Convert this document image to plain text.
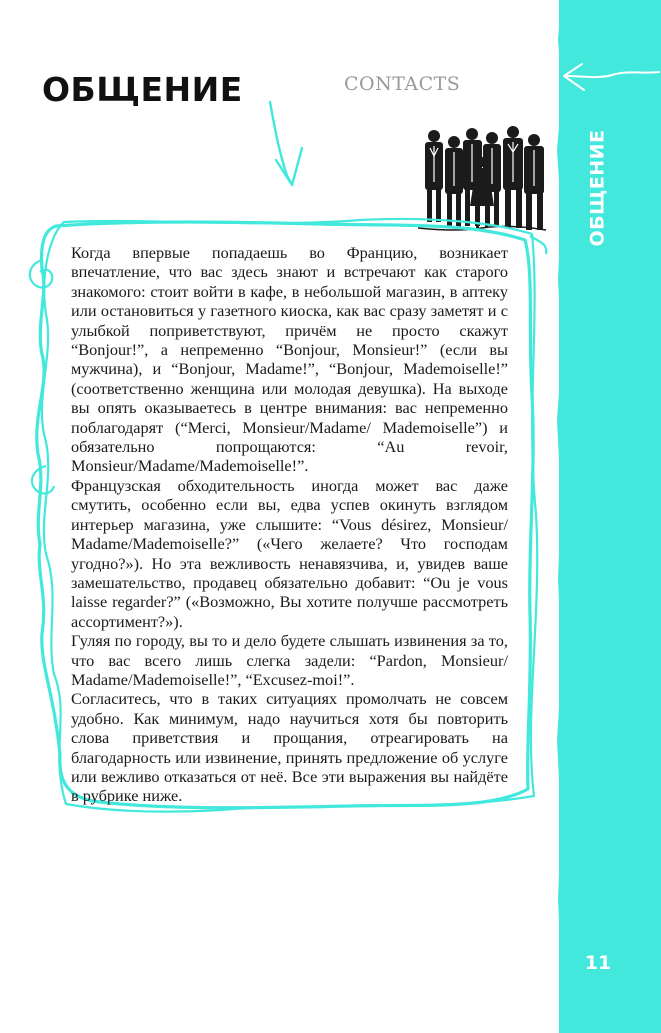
ОБЩЕНИЕ
11
ОБЩЕНИЕ	CONTACTS

Когда впервые попадаешь во Францию, возникает впечатление, что вас здесь знают и встречают как старого знакомого: стоит войти в кафе, в небольшой магазин, в аптеку или остановиться у газетного киоска, как вас сразу заметят и с улыбкой поприветствуют, причём не просто скажут “Bonjour!”, а непременно “Bonjour, Monsieur!” (если вы мужчина), и “Bonjour, Madame!”, “Bonjour, Mademoiselle!” (соответственно женщина или молодая девушка). На выходе вы опять оказываетесь в центре внимания: вас непременно поблагодарят (“Merci, Monsieur/Madame/ Mademoiselle”) и обязательно попрощаются: “Au revoir, Monsieur/Madame/Mademoiselle!”.

Французская обходительность иногда может вас даже смутить, особенно если вы, едва успев окинуть взглядом интерьер магазина, уже слышите: “Vous désirez, Monsieur/ Madame/Mademoiselle?” («Чего желаете? Что господам угодно?»). Но эта вежливость ненавязчива, и, увидев ваше замешательство, продавец обязательно добавит: “Ou je vous laisse regarder?” («Возможно, Вы хотите получше рассмотреть ассортимент?»).

Гуляя по городу, вы то и дело будете слышать извинения за то, что вас всего лишь слегка задели: “Pardon, Monsieur/ Madame/Mademoiselle!”, “Excusez-moi!”.

Согласитесь, что в таких ситуациях промолчать не совсем удобно. Как минимум, надо научиться хотя бы повторить слова приветствия и прощания, отреагировать на благодарность или извинение, принять предложение об услуге или вежливо отказаться от неё. Все эти выражения вы найдёте в рубрике ниже.
